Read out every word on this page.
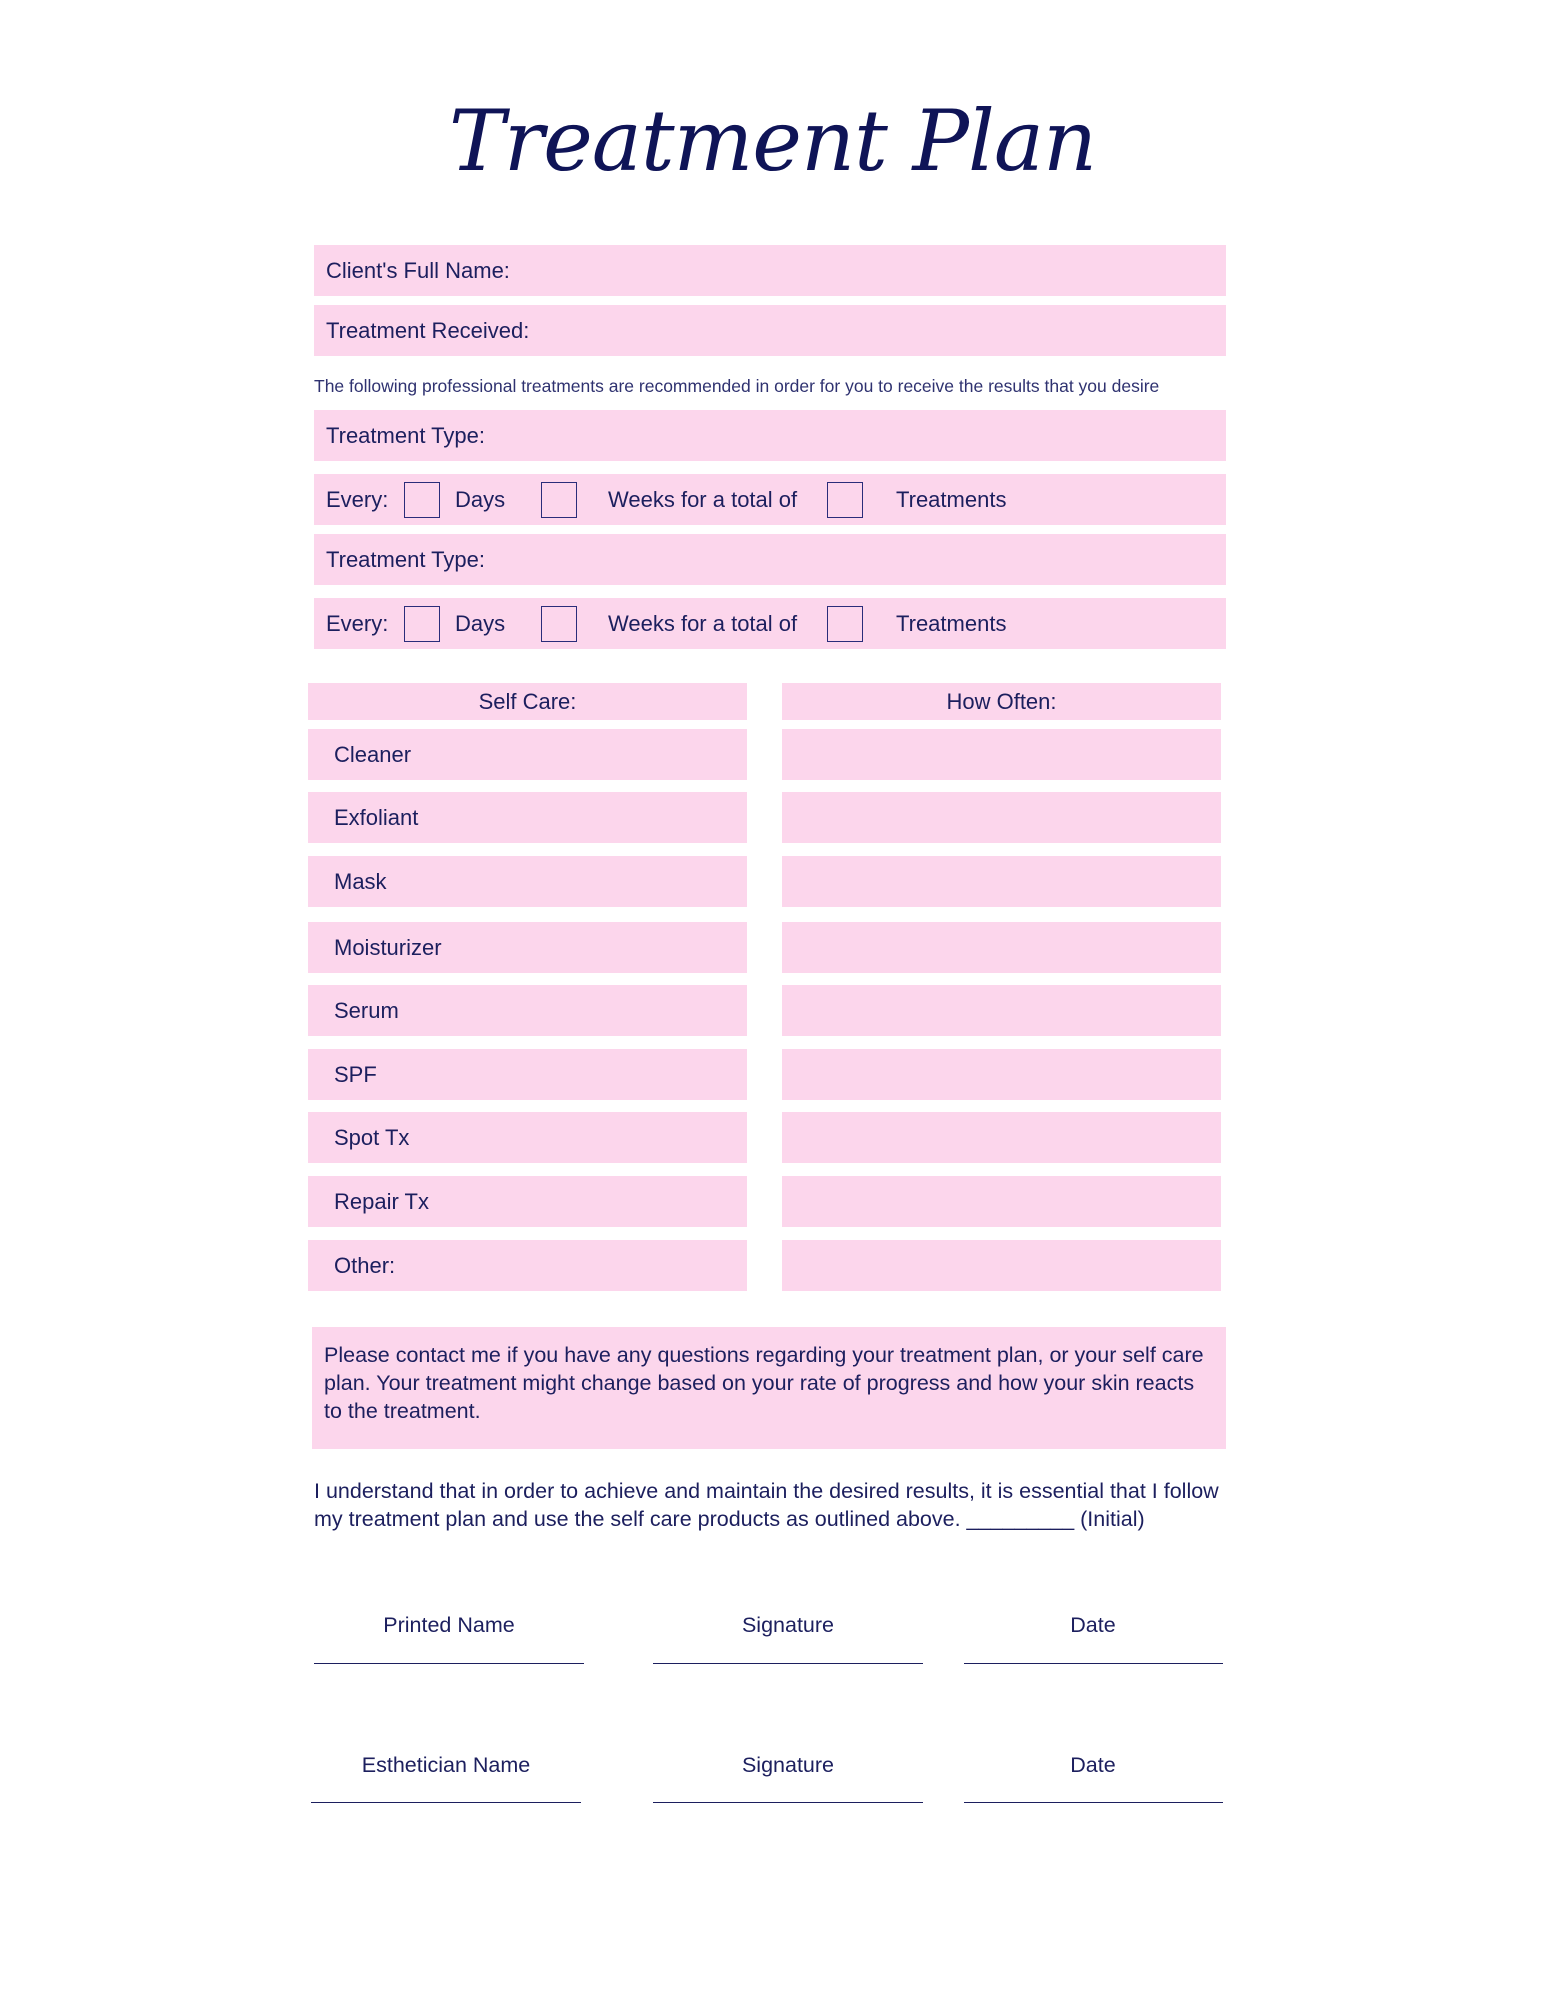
Treatment Plan
Client's Full Name:
Treatment Received:
The following professional treatments are recommended in order for you to receive the results that you desire
Treatment Type:
Every:	Days	Weeks for a total of	Treatments
Treatment Type:
Every:	Days	Weeks for a total of	Treatments
Self Care:	How Often:
Cleaner
Exfoliant
Mask
Moisturizer
Serum
SPF
Spot Tx
Repair Tx
Other:
Please contact me if you have any questions regarding your treatment plan, or your self care plan. Your treatment might change based on your rate of progress and how your skin reacts to the treatment.
I understand that in order to achieve and maintain the desired results, it is essential that I follow my treatment plan and use the self care products as outlined above. _________ (Initial)
Printed Name	Signature	Date
Esthetician Name	Signature	Date
